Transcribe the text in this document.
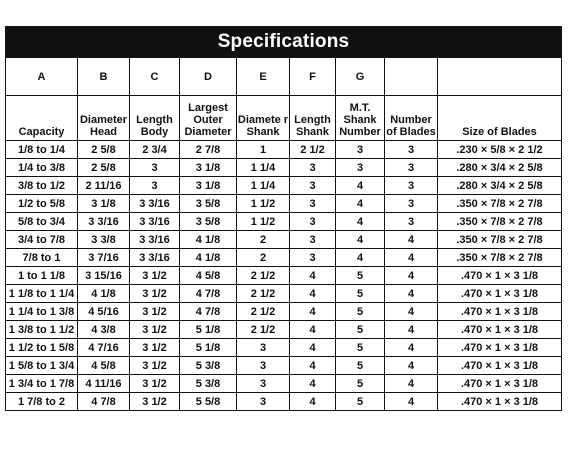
Specifications								
A	B	C	D	E	F	G		
Capacity	Diameter Head	Length Body	Largest Outer Diameter	Diamete r Shank	Length Shank	M.T. Shank Number	Number of Blades	Size of Blades
1/8 to 1/4	2 5/8	2 3/4	2 7/8	1	2 1/2	3	3	.230 × 5/8 × 2 1/2
1/4 to 3/8	2 5/8	3	3 1/8	1 1/4	3	3	3	.280 × 3/4 × 2 5/8
3/8 to 1/2	2 11/16	3	3 1/8	1 1/4	3	4	3	.280 × 3/4 × 2 5/8
1/2 to 5/8	3 1/8	3 3/16	3 5/8	1 1/2	3	4	3	.350 × 7/8 × 2 7/8
5/8 to 3/4	3 3/16	3 3/16	3 5/8	1 1/2	3	4	3	.350 × 7/8 × 2 7/8
3/4 to 7/8	3 3/8	3 3/16	4 1/8	2	3	4	4	.350 × 7/8 × 2 7/8
7/8 to 1	3 7/16	3 3/16	4 1/8	2	3	4	4	.350 × 7/8 × 2 7/8
1 to 1 1/8	3 15/16	3 1/2	4 5/8	2 1/2	4	5	4	.470 × 1 × 3 1/8
1 1/8 to 1 1/4	4 1/8	3 1/2	4 7/8	2 1/2	4	5	4	.470 × 1 × 3 1/8
1 1/4 to 1 3/8	4 5/16	3 1/2	4 7/8	2 1/2	4	5	4	.470 × 1 × 3 1/8
1 3/8 to 1 1/2	4 3/8	3 1/2	5 1/8	2 1/2	4	5	4	.470 × 1 × 3 1/8
1 1/2 to 1 5/8	4 7/16	3 1/2	5 1/8	3	4	5	4	.470 × 1 × 3 1/8
1 5/8 to 1 3/4	4 5/8	3 1/2	5 3/8	3	4	5	4	.470 × 1 × 3 1/8
1 3/4 to 1 7/8	4 11/16	3 1/2	5 3/8	3	4	5	4	.470 × 1 × 3 1/8
1 7/8 to 2	4 7/8	3 1/2	5 5/8	3	4	5	4	.470 × 1 × 3 1/8
